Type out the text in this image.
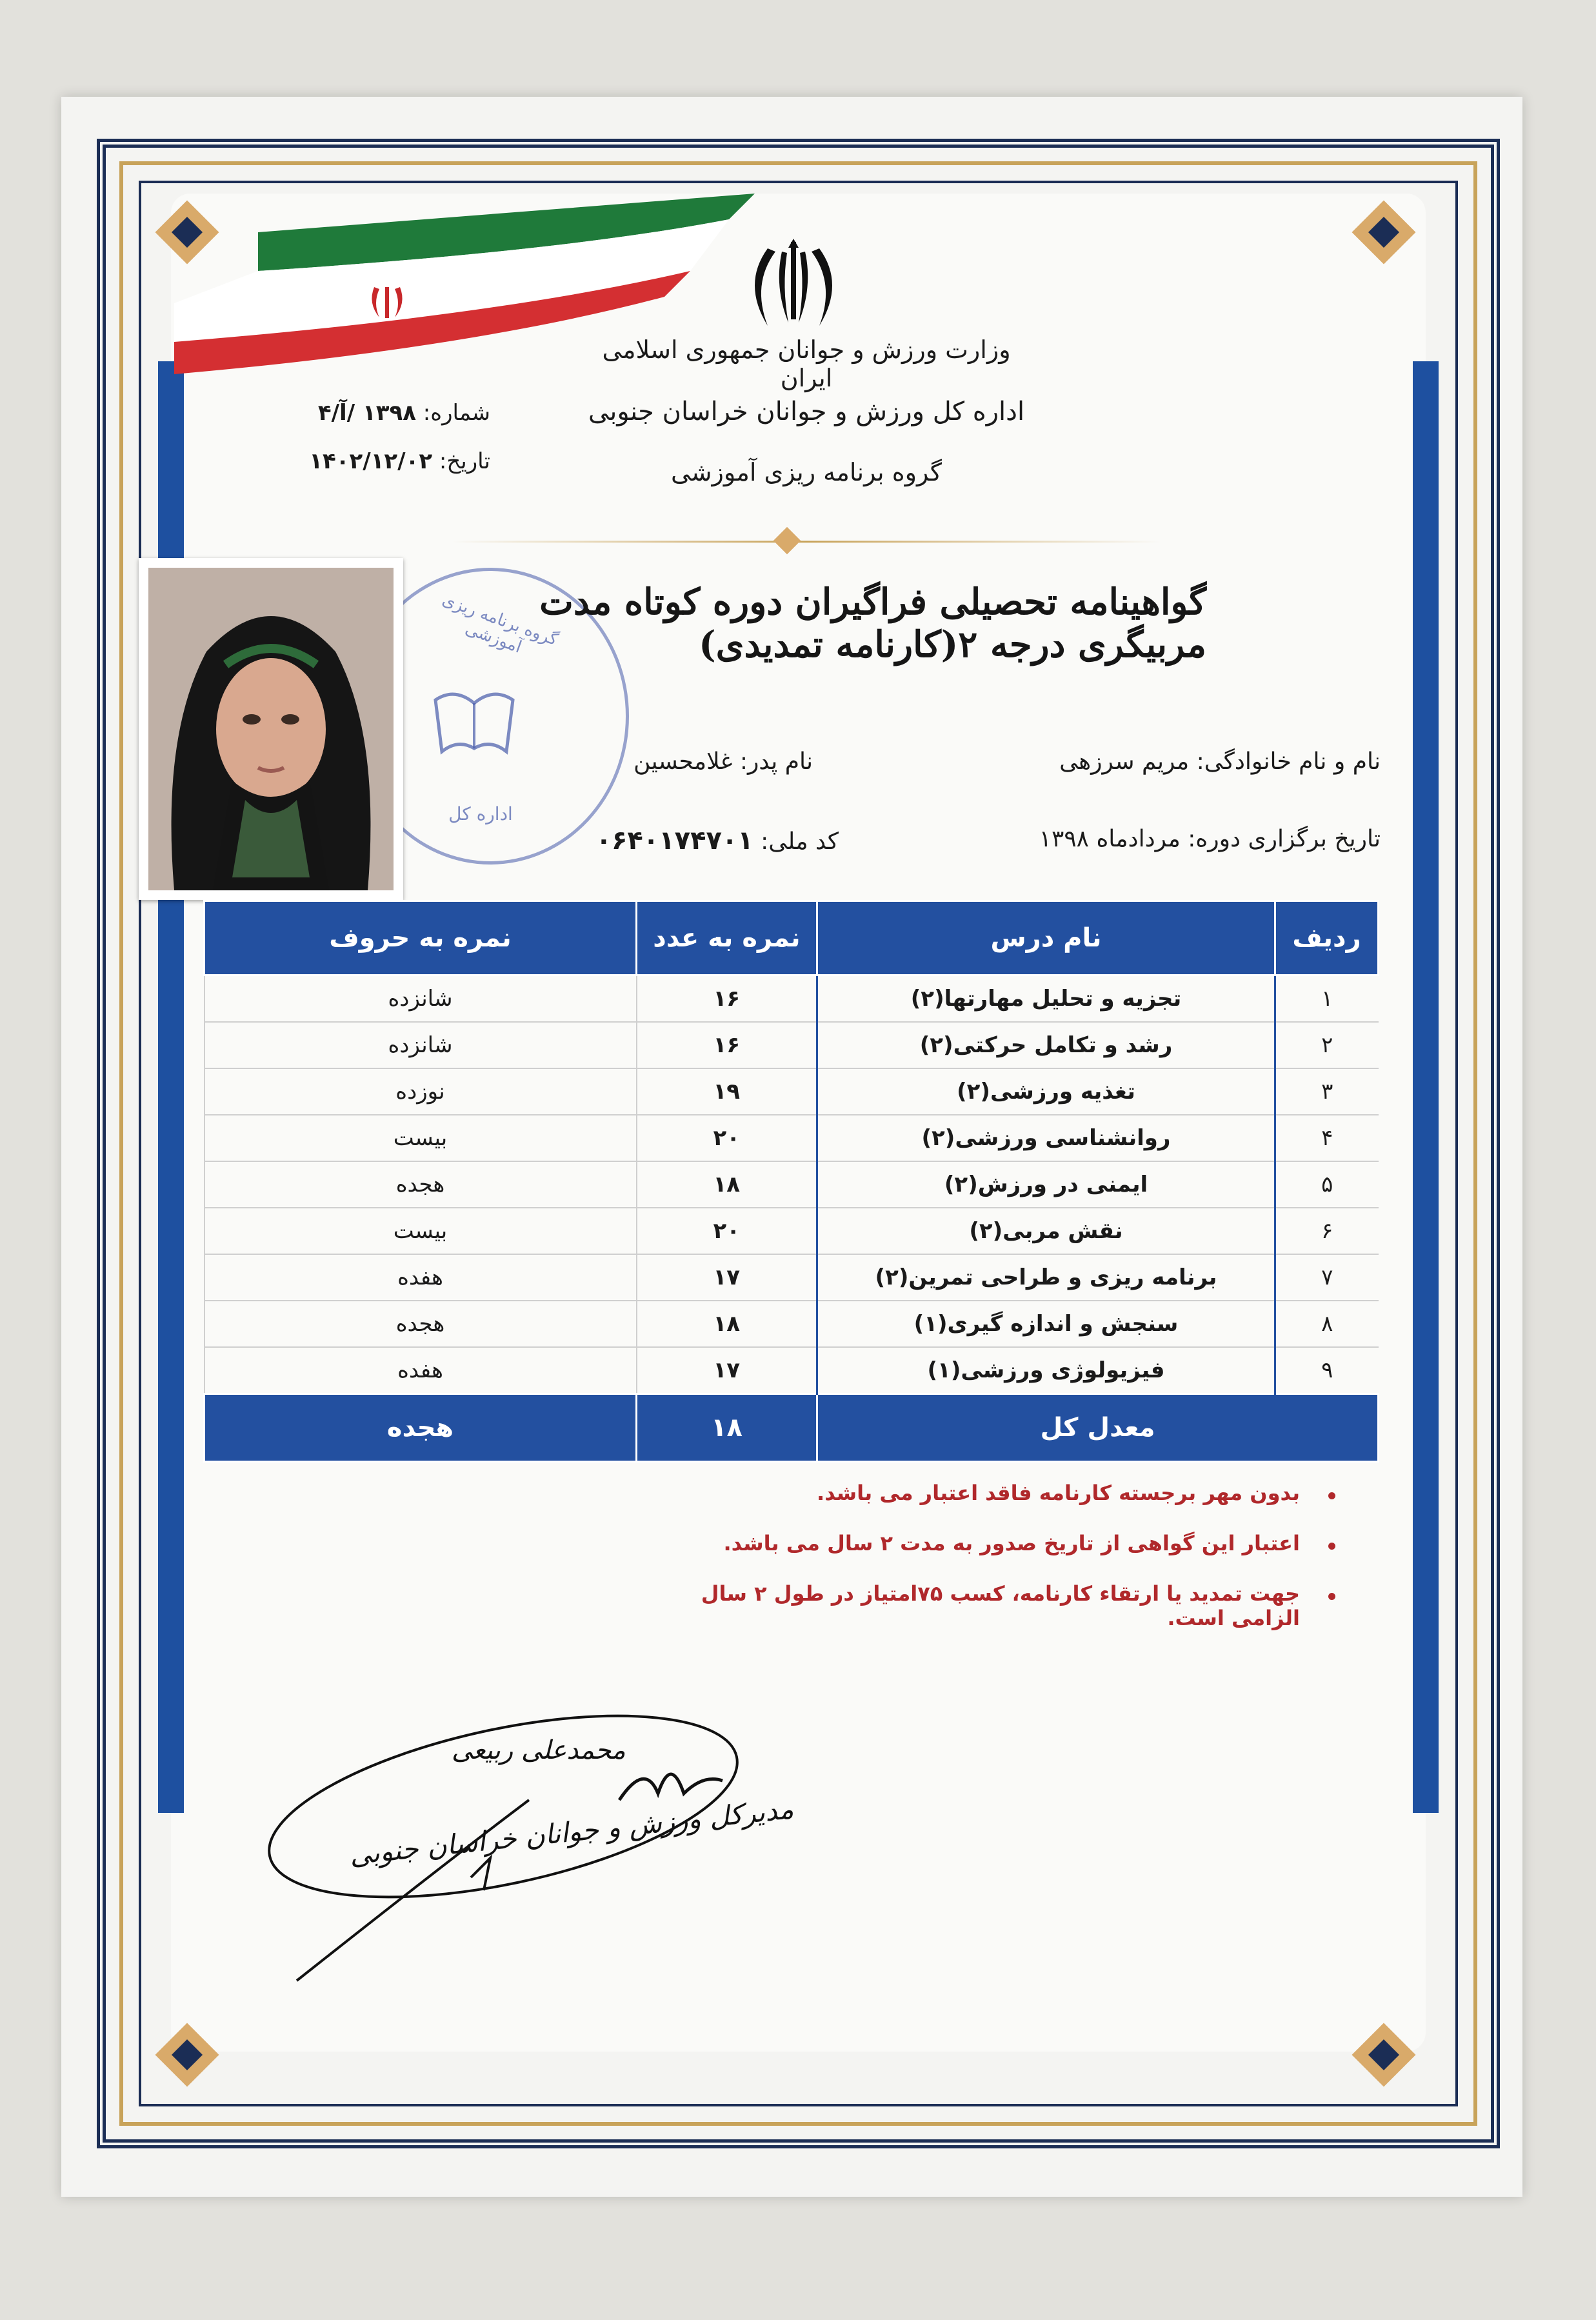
وزارت ورزش و جوانان جمهوری اسلامی ایران
اداره کل ورزش و جوانان خراسان جنوبی
گروه برنامه ریزی آموزشی
شماره: ۱۳۹۸ /آ/۴
تاریخ: ۱۴۰۲/۱۲/۰۲
گروه برنامه ریزی آموزشی
اداره کل
گواهینامه تحصیلی فراگیران دوره کوتاه مدت مربیگری درجه ۲(کارنامه تمدیدی)
نام و نام خانوادگی: مریم سرزهی
نام پدر: غلامحسین
تاریخ برگزاری دوره: مردادماه ۱۳۹۸
کد ملی: ۰۶۴۰۱۷۴۷۰۱
ردیف	نام درس	نمره به عدد	نمره به حروف
۱	تجزیه و تحلیل مهارتها(۲)	۱۶	شانزده
۲	رشد و تکامل حرکتی(۲)	۱۶	شانزده
۳	تغذیه ورزشی(۲)	۱۹	نوزده
۴	روانشناسی ورزشی(۲)	۲۰	بیست
۵	ایمنی در ورزش(۲)	۱۸	هجده
۶	نقش مربی(۲)	۲۰	بیست
۷	برنامه ریزی و طراحی تمرین(۲)	۱۷	هفده
۸	سنجش و اندازه گیری(۱)	۱۸	هجده
۹	فیزیولوژی ورزشی(۱)	۱۷	هفده
معدل کل		۱۸	هجده
بدون مهر برجسته کارنامه فاقد اعتبار می باشد.
اعتبار این گواهی از تاریخ صدور به مدت ۲ سال می باشد.
جهت تمدید یا ارتقاء کارنامه، کسب ۷۵امتیاز در طول ۲ سال الزامی است.
محمدعلی ربیعی
مدیرکل ورزش و جوانان خراسان جنوبی
